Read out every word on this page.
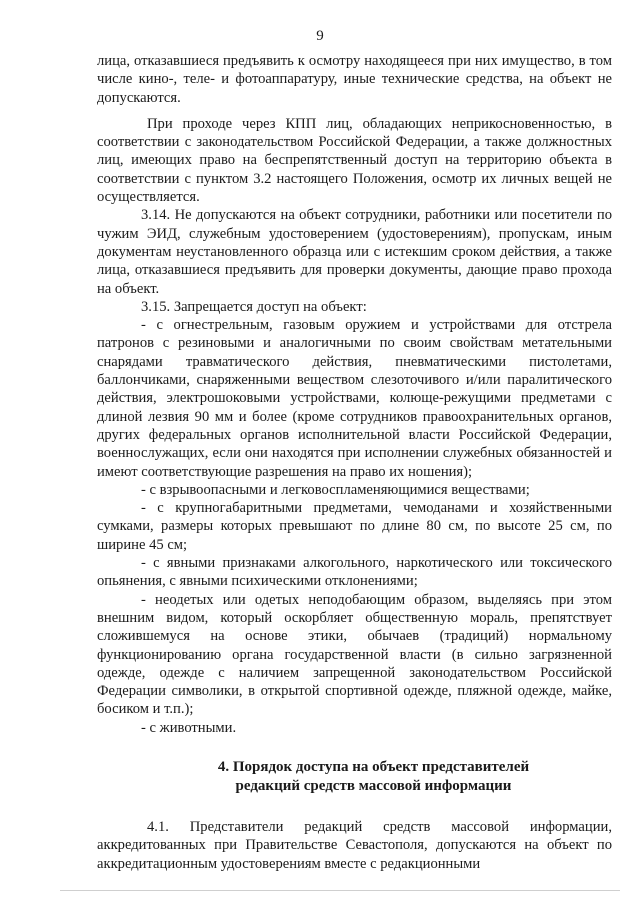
9

лица, отказавшиеся предъявить к осмотру находящееся при них имущество, в том числе кино-, теле- и фотоаппаратуру, иные технические средства, на объект не допускаются.

При проходе через КПП лиц, обладающих неприкосновенностью, в соответствии с законодательством Российской Федерации, а также должностных лиц, имеющих право на беспрепятственный доступ на территорию объекта в соответствии с пунктом 3.2 настоящего Положения, осмотр их личных вещей не осуществляется.

3.14. Не допускаются на объект сотрудники, работники или посетители по чужим ЭИД, служебным удостоверением (удостоверениям), пропускам, иным документам неустановленного образца или с истекшим сроком действия, а также лица, отказавшиеся предъявить для проверки документы, дающие право прохода на объект.

3.15. Запрещается доступ на объект:

- с огнестрельным, газовым оружием и устройствами для отстрела патронов с резиновыми и аналогичными по своим свойствам метательными снарядами травматического действия, пневматическими пистолетами, баллончиками, снаряженными веществом слезоточивого и/или паралитического действия, электрошоковыми устройствами, колюще-режущими предметами с длиной лезвия 90 мм и более (кроме сотрудников правоохранительных органов, других федеральных органов исполнительной власти Российской Федерации, военнослужащих, если они находятся при исполнении служебных обязанностей и имеют соответствующие разрешения на право их ношения);

- с взрывоопасными и легковоспламеняющимися веществами;

- с крупногабаритными предметами, чемоданами и хозяйственными сумками, размеры которых превышают по длине 80 см, по высоте 25 см, по ширине 45 см;

- с явными признаками алкогольного, наркотического или токсического опьянения, с явными психическими отклонениями;

- неодетых или одетых неподобающим образом, выделяясь при этом внешним видом, который оскорбляет общественную мораль, препятствует сложившемуся на основе этики, обычаев (традиций) нормальному функционированию органа государственной власти (в сильно загрязненной одежде, одежде с наличием запрещенной законодательством Российской Федерации символики, в открытой спортивной одежде, пляжной одежде, майке, босиком и т.п.);

- с животными.

4. Порядок доступа на объект представителей
редакций средств массовой информации

4.1. Представители редакций средств массовой информации, аккредитованных при Правительстве Севастополя, допускаются на объект по аккредитационным удостоверениям вместе с редакционными
